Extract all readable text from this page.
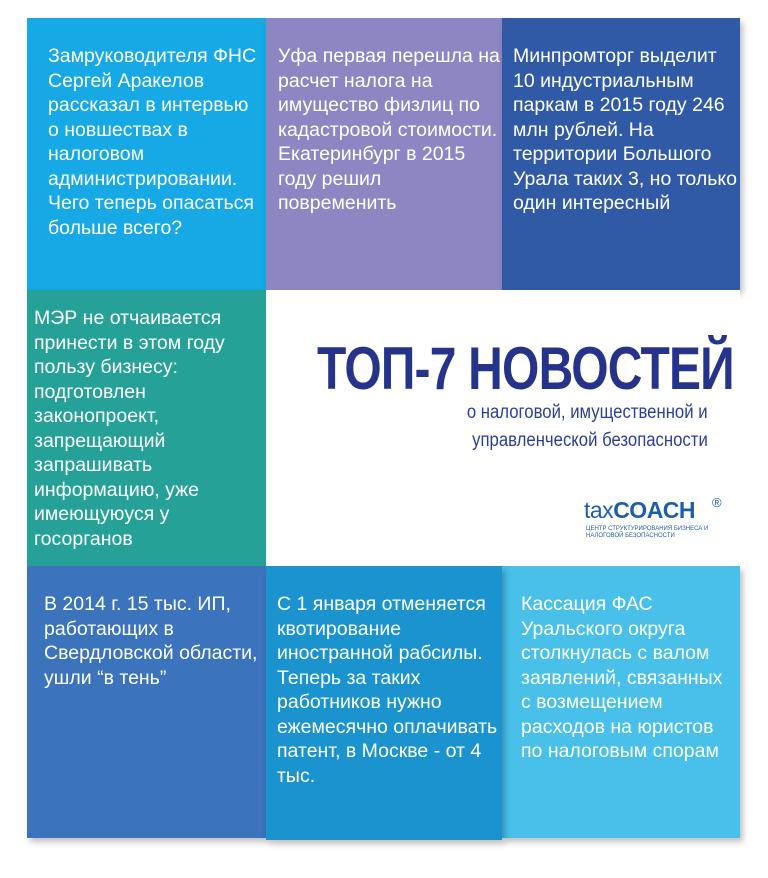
Замруководителя ФНС Сергей Аракелов рассказал в интервью о новшествах в налоговом администрировании. Чего теперь опасаться больше всего?
Уфа первая перешла на расчет налога на имущество физлиц по кадастровой стоимости. Екатеринбург в 2015 году решил повременить
Минпромторг выделит 10 индустриальным паркам в 2015 году 246 млн рублей. На территории Большого Урала таких 3, но только один интересный
МЭР не отчаивается принести в этом году пользу бизнесу: подготовлен законопроект, запрещающий запрашивать информацию, уже имеющуюуся у госорганов
ТОП-7 НОВОСТЕЙ
о налоговой, имущественной и
управленческой безопасности
taxCOACH ®
ЦЕНТР СТРУКТУРИРОВАНИЯ БИЗНЕСА И НАЛОГОВОЙ БЕЗОПАСНОСТИ
В 2014 г. 15 тыс. ИП, работающих в Свердловской области, ушли “в тень”
С 1 января отменяется квотирование иностранной рабсилы. Теперь за таких работников нужно ежемесячно оплачивать патент, в Москве - от 4 тыс.
Кассация ФАС Уральского округа столкнулась с валом заявлений, связанных с возмещением расходов на юристов по налоговым спорам
